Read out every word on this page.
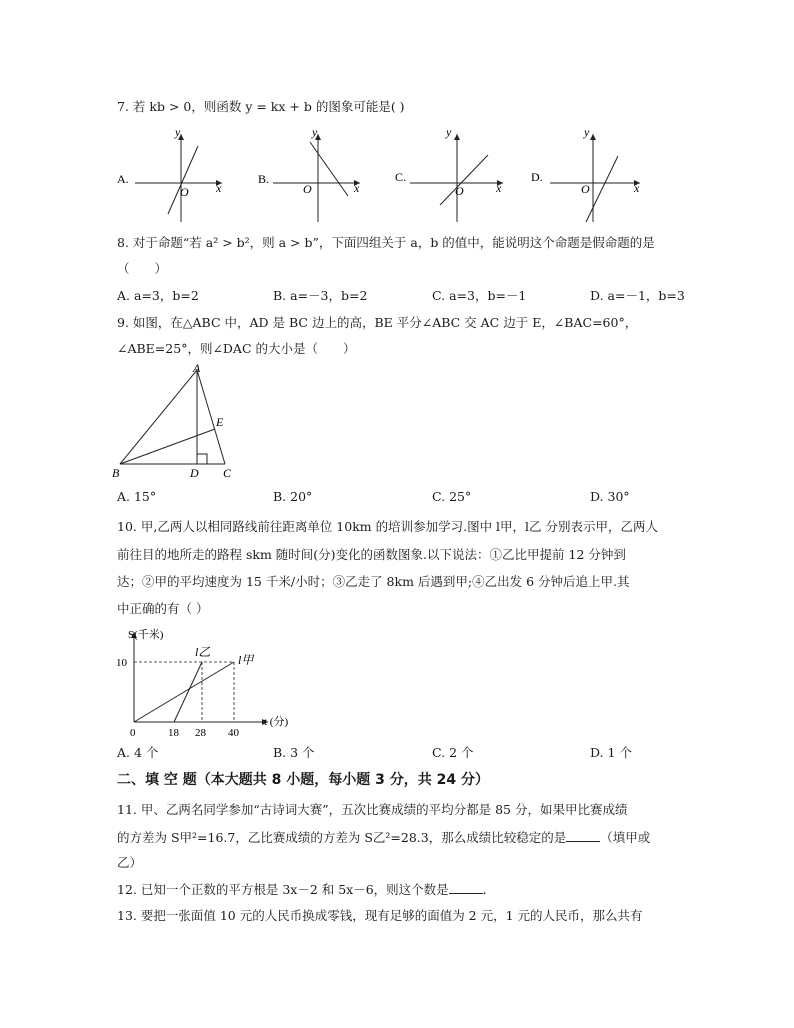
7. 若 kb > 0，则函数 y = kx + b 的图象可能是( )
A.
y
x
O
B.
y
x
O
C.
y
x
O
D.
y
x
O
8. 对于命题“若 a² > b²，则 a > b”，下面四组关于 a，b 的值中，能说明这个命题是假命题的是
（　　）
A. a=3，b=2	B. a=－3，b=2	C. a=3，b=－1	D. a=－1，b=3
9. 如图，在△ABC 中，AD 是 BC 边上的高，BE 平分∠ABC 交 AC 边于 E，∠BAC=60°，
∠ABE=25°，则∠DAC 的大小是（　　）
A
B	C
D
E
A. 15°	B. 20°	C. 25°	D. 30°
10. 甲,乙两人以相同路线前往距离单位 10km 的培训参加学习.图中 l甲，l乙 分别表示甲，乙两人
前往目的地所走的路程 skm 随时间(分)变化的函数图象.以下说法：①乙比甲提前 12 分钟到
达；②甲的平均速度为 15 千米/小时；③乙走了 8km 后遇到甲;④乙出发 6 分钟后追上甲.其
中正确的有（ ）
S(千米)
t (分)
10
0	18 28 40
l乙
l甲
A. 4 个	B. 3 个	C. 2 个	D. 1 个
二、填 空 题（本大题共 8 小题，每小题 3 分，共 24 分）
11. 甲、乙两名同学参加“古诗词大赛”，五次比赛成绩的平均分都是 85 分，如果甲比赛成绩
的方差为 S甲²=16.7，乙比赛成绩的方差为 S乙²=28.3，那么成绩比较稳定的是	（填甲或
乙）
12. 已知一个正数的平方根是 3x－2 和 5x－6，则这个数是	.
13. 要把一张面值 10 元的人民币换成零钱，现有足够的面值为 2 元，1 元的人民币，那么共有
